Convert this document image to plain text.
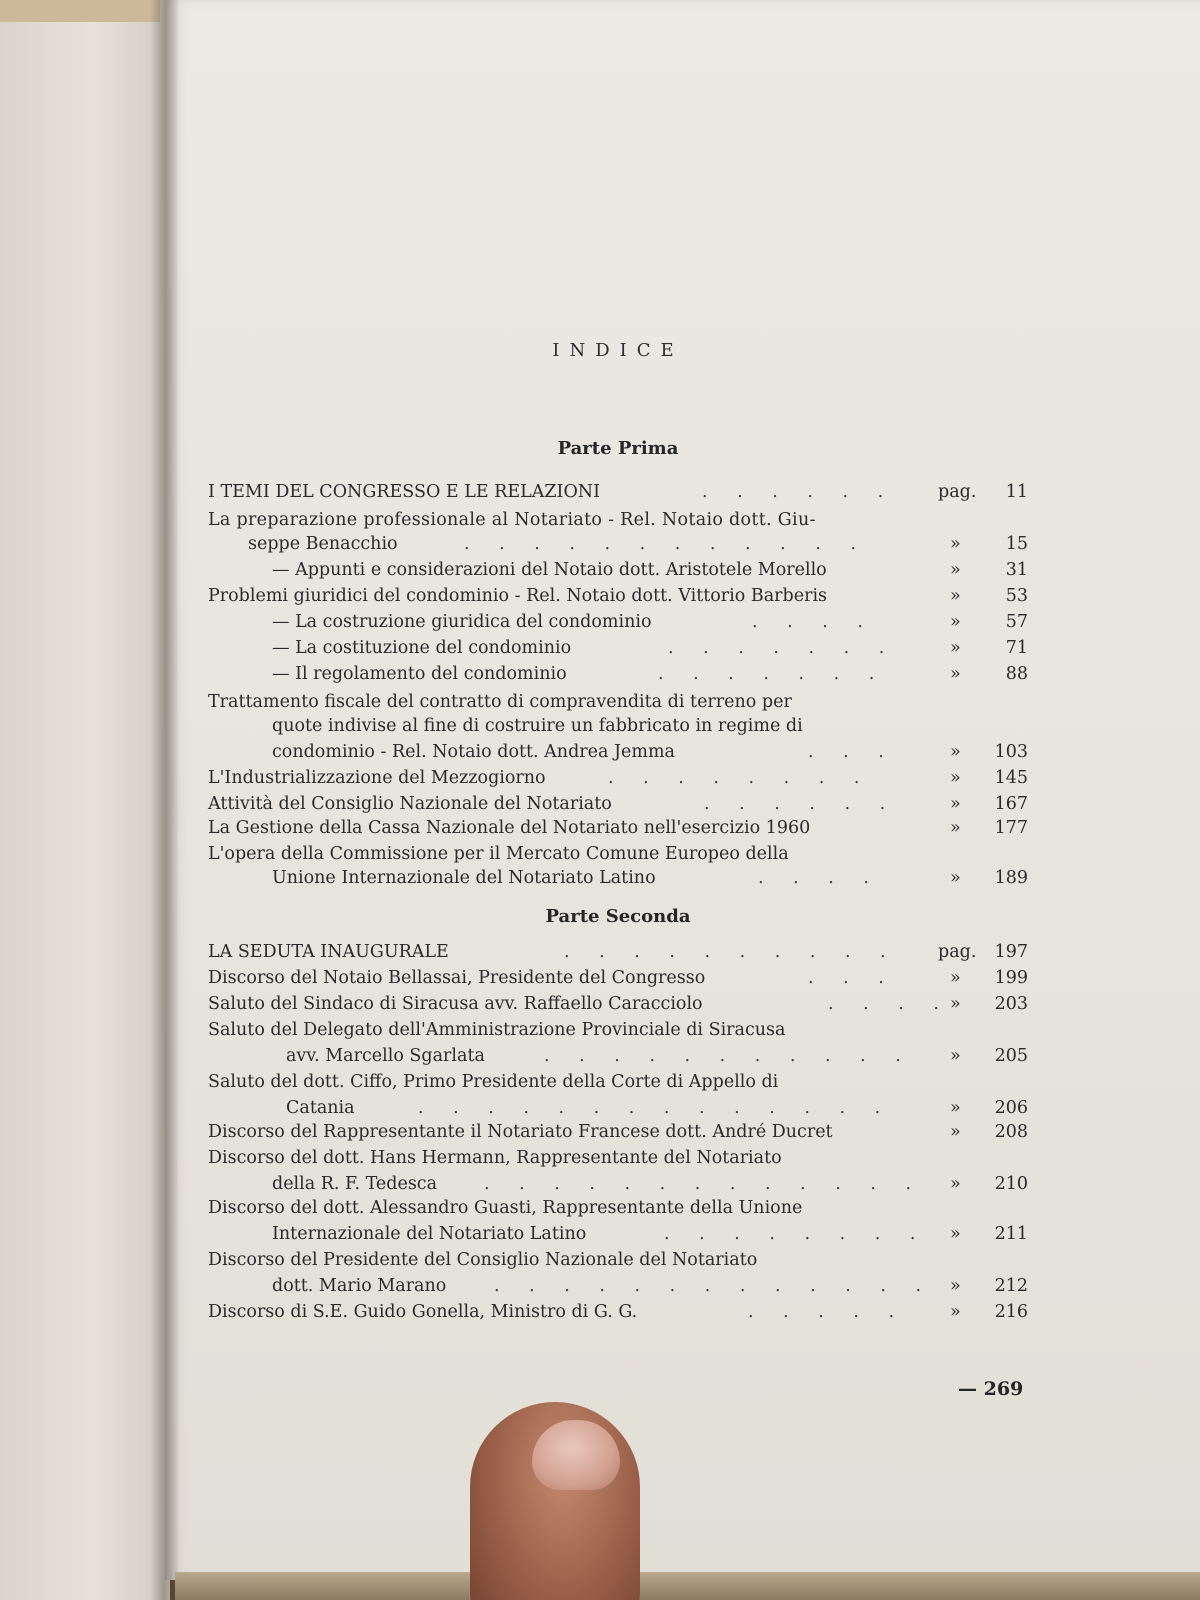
INDICE
Parte Prima
I TEMI DEL CONGRESSO E LE RELAZIONI	. . . . . . pag. 11
La preparazione professionale al Notariato - Rel. Notaio dott. Giu-
seppe Benacchio	. . . . . . . . . . . .	»	15
— Appunti e considerazioni del Notaio dott. Aristotele Morello	»	31
Problemi giuridici del condominio - Rel. Notaio dott. Vittorio Barberis	»	53
— La costruzione giuridica del condominio	. . . .	»	57
— La costituzione del condominio	. . . . . . .	»	71
— Il regolamento del condominio	. . . . . . .	»	88
Trattamento fiscale del contratto di compravendita di terreno per
quote indivise al fine di costruire un fabbricato in regime di
condominio - Rel. Notaio dott. Andrea Jemma	. . .	» 103
L'Industrializzazione del Mezzogiorno	. . . . . . . .	» 145
Attività del Consiglio Nazionale del Notariato	. . . . . .	» 167
La Gestione della Cassa Nazionale del Notariato nell'esercizio 1960	» 177
L'opera della Commissione per il Mercato Comune Europeo della
Unione Internazionale del Notariato Latino	. . . .	» 189
Parte Seconda
LA SEDUTA INAUGURALE	. . . . . . . . . . pag. 197
Discorso del Notaio Bellassai, Presidente del Congresso	. . .	» 199
Saluto del Sindaco di Siracusa avv. Raffaello Caracciolo	. . . . » 203
Saluto del Delegato dell'Amministrazione Provinciale di Siracusa
avv. Marcello Sgarlata	. . . . . . . . . . . » 205
Saluto del dott. Ciffo, Primo Presidente della Corte di Appello di
Catania	. . . . . . . . . . . . . .	» 206
Discorso del Rappresentante il Notariato Francese dott. André Ducret	» 208
Discorso del dott. Hans Hermann, Rappresentante del Notariato
della R. F. Tedesca	. . . . . . . . . . . . . » 210
Discorso del dott. Alessandro Guasti, Rappresentante della Unione
Internazionale del Notariato Latino	. . . . . . . . » 211
Discorso del Presidente del Consiglio Nazionale del Notariato
dott. Mario Marano	. . . . . . . . . . . . . » 212
Discorso di S.E. Guido Gonella, Ministro di G. G.	. . . . .	» 216
— 269
